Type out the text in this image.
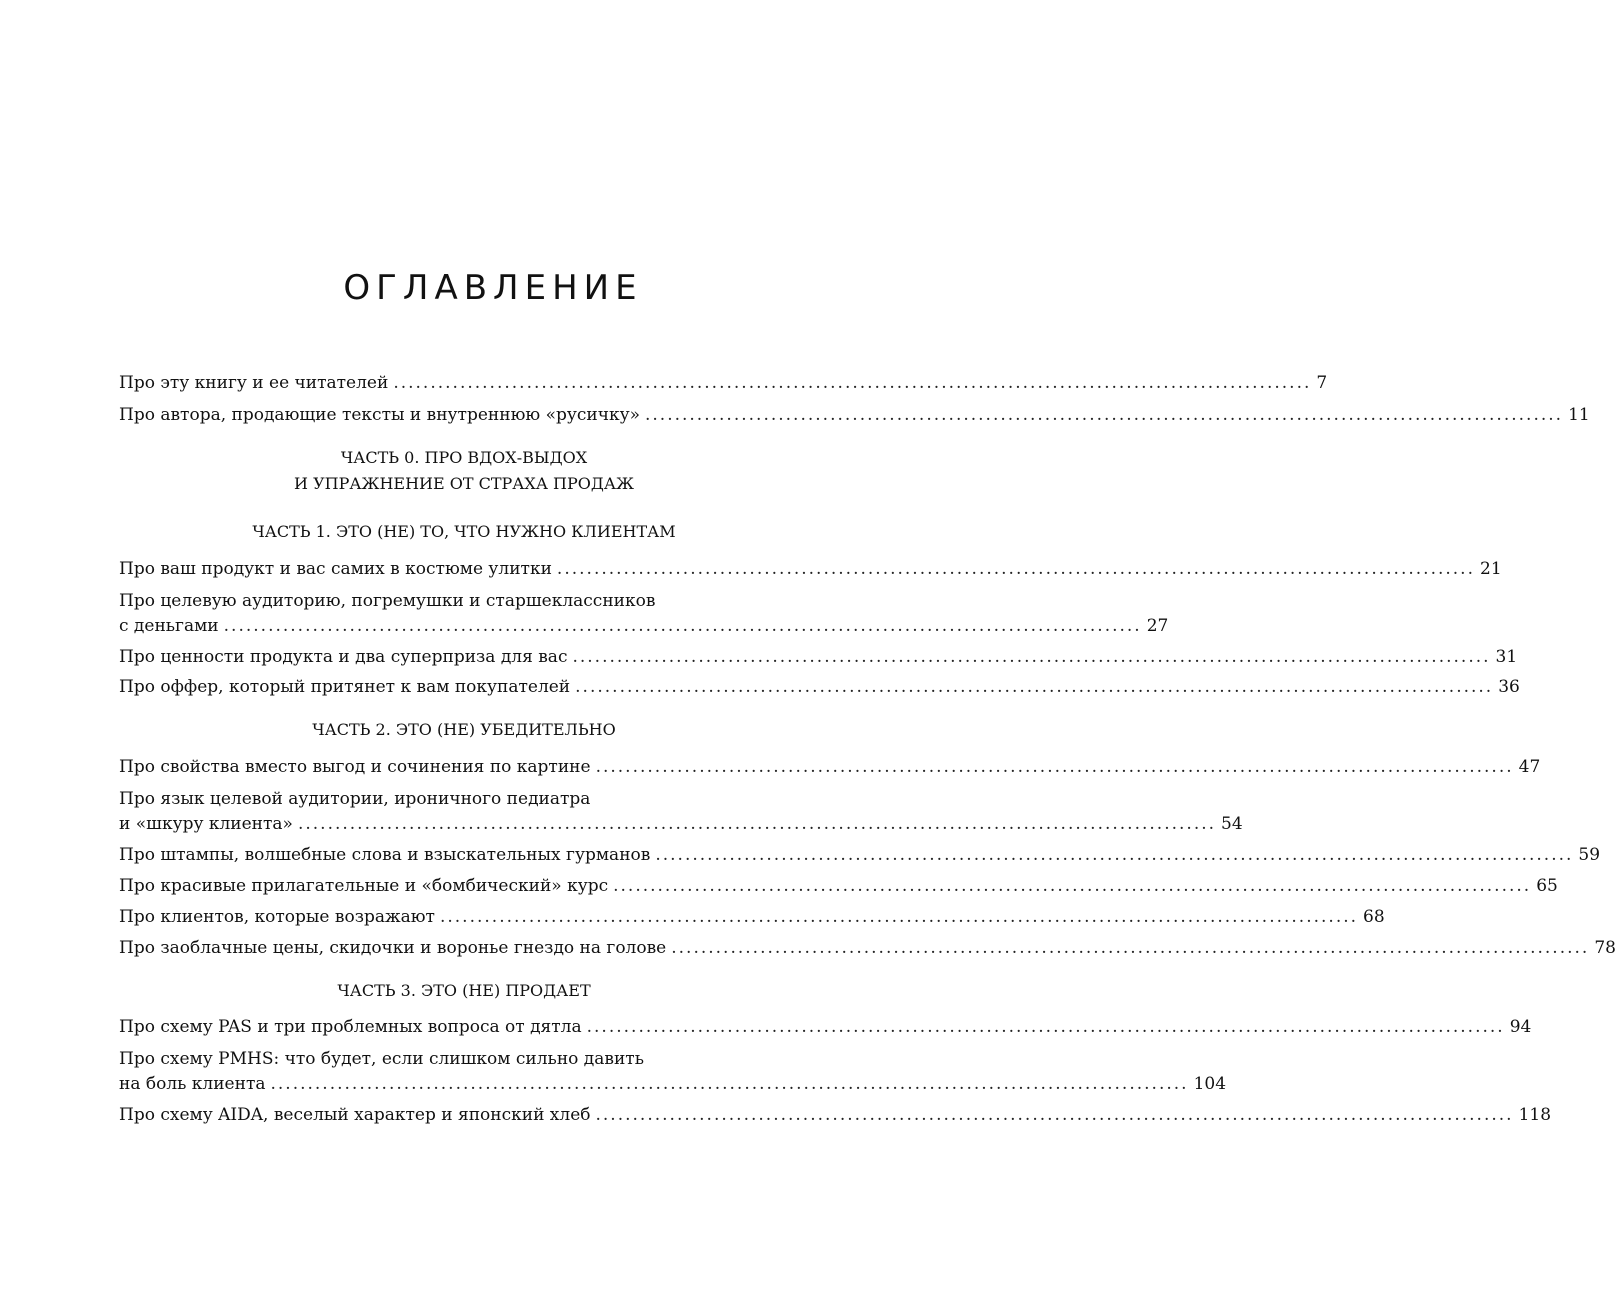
ОГЛАВЛЕНИЕ
Про эту книгу и ее читателей ............................................................................................................................ 7
Про автора, продающие тексты и внутреннюю «русичку» ............................................................................................................................ 11
Про ваш продукт и вас самих в костюме улитки ............................................................................................................................ 21
Про целевую аудиторию, погремушки и старшеклассников
с деньгами ............................................................................................................................ 27
Про ценности продукта и два суперприза для вас ............................................................................................................................ 31
Про оффер, который притянет к вам покупателей ............................................................................................................................ 36
Про свойства вместо выгод и сочинения по картине ............................................................................................................................ 47
Про язык целевой аудитории, ироничного педиатра
и «шкуру клиента» ............................................................................................................................ 54
Про штампы, волшебные слова и взыскательных гурманов ............................................................................................................................ 59
Про красивые прилагательные и «бомбический» курс ............................................................................................................................ 65
Про клиентов, которые возражают ............................................................................................................................ 68
Про заоблачные цены, скидочки и воронье гнездо на голове ............................................................................................................................ 78
Про схему PAS и три проблемных вопроса от дятла ............................................................................................................................ 94
Про схему PMHS: что будет, если слишком сильно давить
на боль клиента ............................................................................................................................ 104
Про схему AIDA, веселый характер и японский хлеб ............................................................................................................................ 118
ЧАСТЬ 0. ПРО ВДОХ-ВЫДОХ
И УПРАЖНЕНИЕ ОТ СТРАХА ПРОДАЖ
ЧАСТЬ 1. ЭТО (НЕ) ТО, ЧТО НУЖНО КЛИЕНТАМ
ЧАСТЬ 2. ЭТО (НЕ) УБЕДИТЕЛЬНО
ЧАСТЬ 3. ЭТО (НЕ) ПРОДАЕТ
